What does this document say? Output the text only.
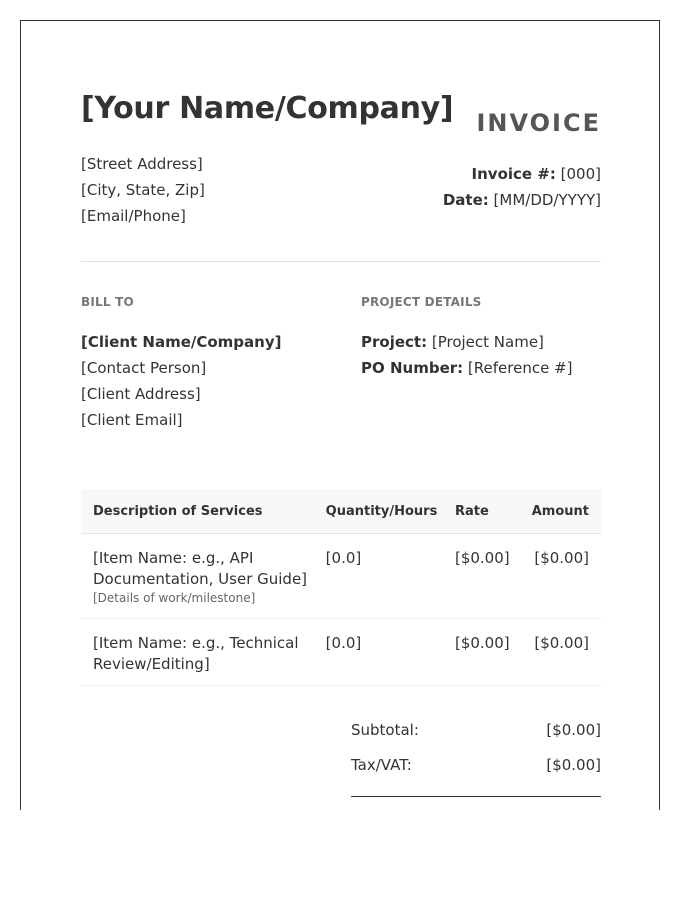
[Your Name/Company] INVOICE
[Street Address]
[City, State, Zip]
[Email/Phone]
Invoice #: [000]
Date: [MM/DD/YYYY]
BILL TO	PROJECT DETAILS
[Client Name/Company]
[Contact Person]
[Client Address]
[Client Email]
Project: [Project Name]
PO Number: [Reference #]
Description of Services	Quantity/Hours	Rate	Amount

[Item Name: e.g., API Documentation, User Guide]
[Details of work/milestone]	[0.0]	[$0.00]	[$0.00]

[Item Name: e.g., Technical Review/Editing]	[0.0]	[$0.00]	[$0.00]
Subtotal:	[$0.00]
Tax/VAT:	[$0.00]
